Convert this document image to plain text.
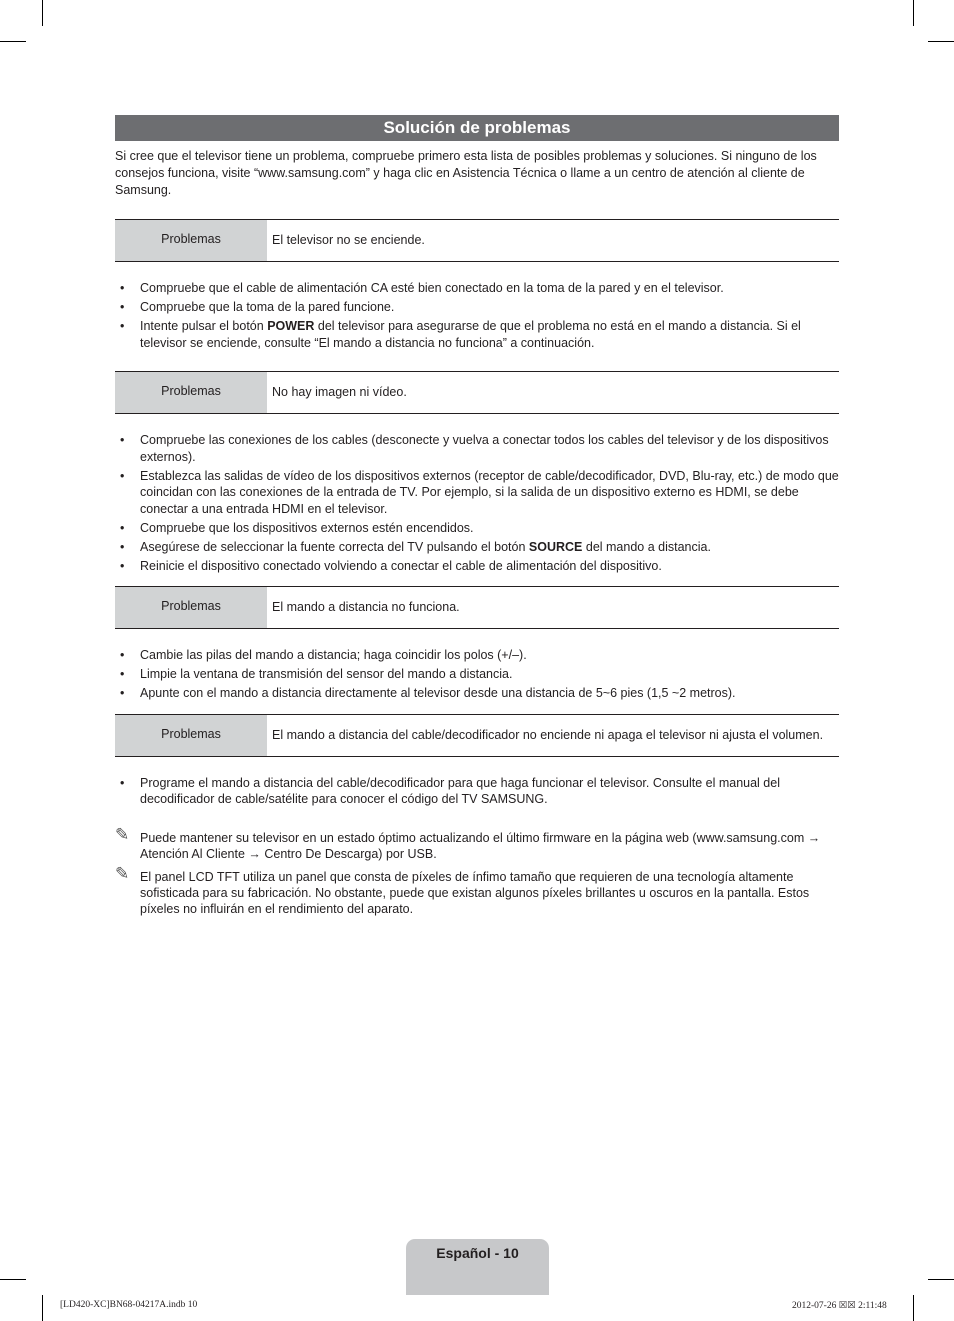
Solución de problemas
Si cree que el televisor tiene un problema, compruebe primero esta lista de posibles problemas y soluciones. Si ninguno de los consejos funciona, visite “www.samsung.com” y haga clic en Asistencia Técnica o llame a un centro de atención al cliente de Samsung.
Problemas	El televisor no se enciende.
• Compruebe que el cable de alimentación CA esté bien conectado en la toma de la pared y en el televisor.
• Compruebe que la toma de la pared funcione.
• Intente pulsar el botón POWER del televisor para asegurarse de que el problema no está en el mando a distancia. Si el televisor se enciende, consulte “El mando a distancia no funciona” a continuación.
Problemas	No hay imagen ni vídeo.
• Compruebe las conexiones de los cables (desconecte y vuelva a conectar todos los cables del televisor y de los dispositivos externos).
• Establezca las salidas de vídeo de los dispositivos externos (receptor de cable/decodificador, DVD, Blu-ray, etc.) de modo que coincidan con las conexiones de la entrada de TV. Por ejemplo, si la salida de un dispositivo externo es HDMI, se debe conectar a una entrada HDMI en el televisor.
• Compruebe que los dispositivos externos estén encendidos.
• Asegúrese de seleccionar la fuente correcta del TV pulsando el botón SOURCE del mando a distancia.
• Reinicie el dispositivo conectado volviendo a conectar el cable de alimentación del dispositivo.
Problemas	El mando a distancia no funciona.
• Cambie las pilas del mando a distancia; haga coincidir los polos (+/–).
• Limpie la ventana de transmisión del sensor del mando a distancia.
• Apunte con el mando a distancia directamente al televisor desde una distancia de 5~6 pies (1,5 ~2 metros).
Problemas	El mando a distancia del cable/decodificador no enciende ni apaga el televisor ni ajusta el volumen.
• Programe el mando a distancia del cable/decodificador para que haga funcionar el televisor. Consulte el manual del decodificador de cable/satélite para conocer el código del TV SAMSUNG.
✎ Puede mantener su televisor en un estado óptimo actualizando el último firmware en la página web (www.samsung.com → Atención Al Cliente → Centro De Descarga) por USB.
✎ El panel LCD TFT utiliza un panel que consta de píxeles de ínfimo tamaño que requieren de una tecnología altamente sofisticada para su fabricación. No obstante, puede que existan algunos píxeles brillantes u oscuros en la pantalla. Estos píxeles no influirán en el rendimiento del aparato.
Español - 10
[LD420-XC]BN68-04217A.indb 10	2012-07-26 ☒☒ 2:11:48
